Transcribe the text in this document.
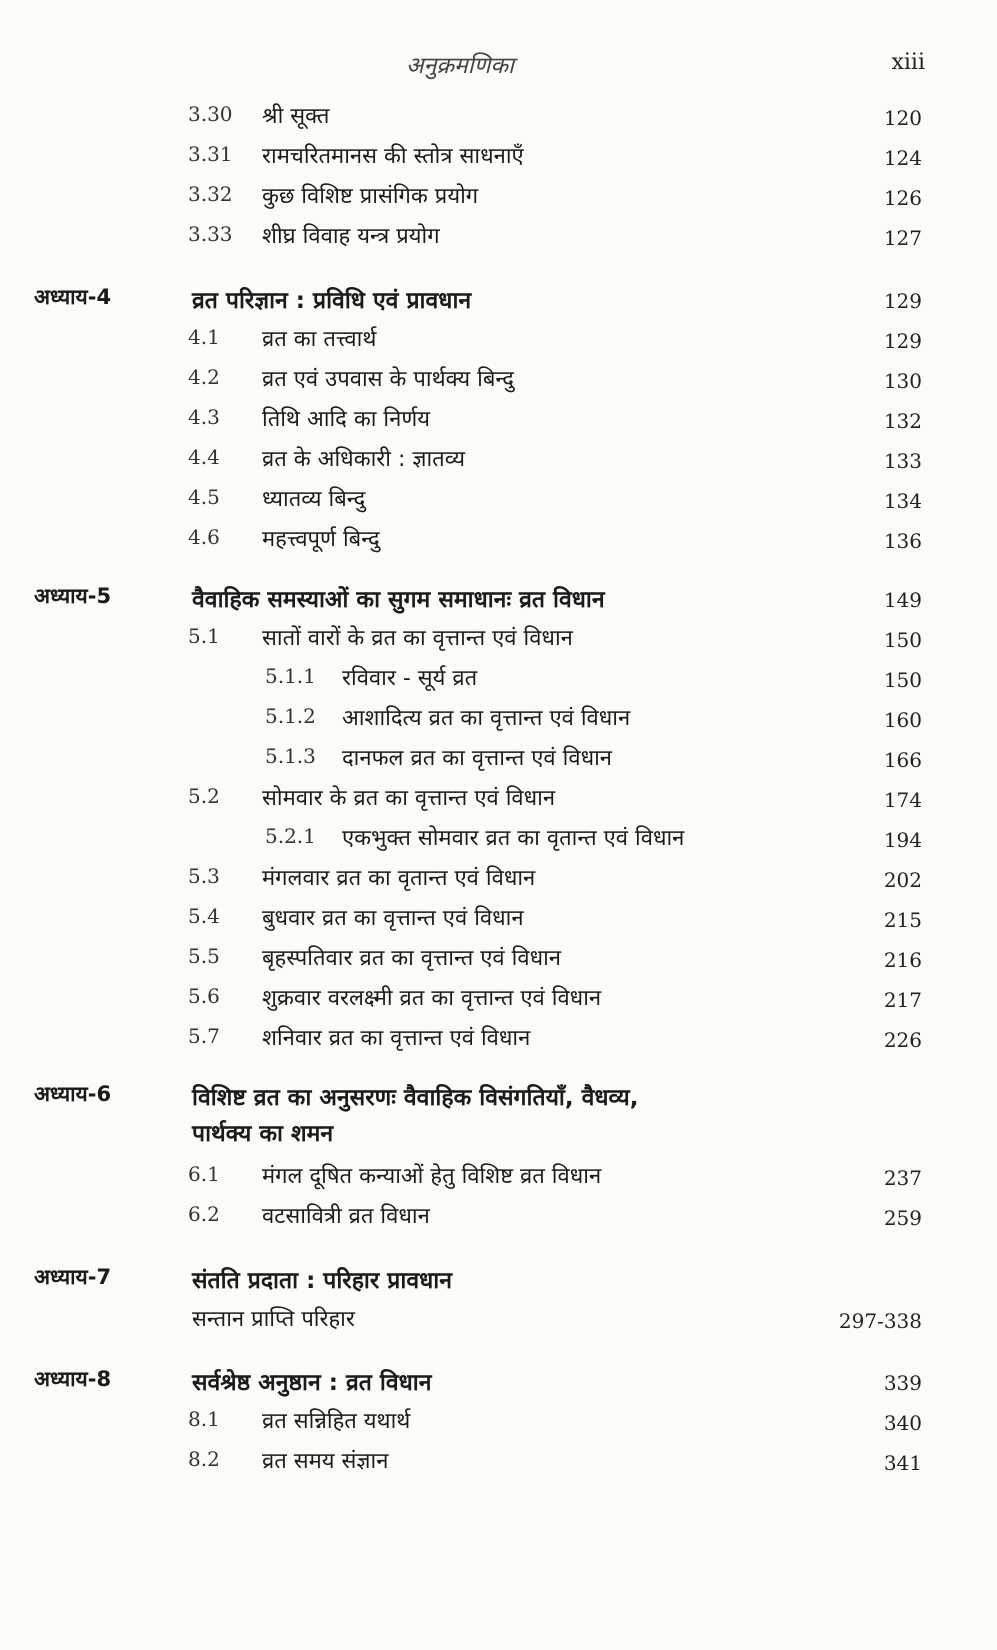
अनुक्रमणिका	xiii
3.30 श्री सूक्त	120
3.31 रामचरितमानस की स्तोत्र साधनाएँ	124
3.32 कुछ विशिष्ट प्रासंगिक प्रयोग	126
3.33 शीघ्र विवाह यन्त्र प्रयोग	127
अध्याय-4	व्रत परिज्ञान : प्रविधि एवं प्रावधान	129
4.1 व्रत का तत्त्वार्थ	129
4.2 व्रत एवं उपवास के पार्थक्य बिन्दु	130
4.3 तिथि आदि का निर्णय	132
4.4 व्रत के अधिकारी : ज्ञातव्य	133
4.5 ध्यातव्य बिन्दु	134
4.6 महत्त्वपूर्ण बिन्दु	136
अध्याय-5	वैवाहिक समस्याओं का सुगम समाधानः व्रत विधान	149
5.1 सातों वारों के व्रत का वृत्तान्त एवं विधान	150
5.1.1 रविवार - सूर्य व्रत	150
5.1.2 आशादित्य व्रत का वृत्तान्त एवं विधान	160
5.1.3 दानफल व्रत का वृत्तान्त एवं विधान	166
5.2 सोमवार के व्रत का वृत्तान्त एवं विधान	174
5.2.1 एकभुक्त सोमवार व्रत का वृतान्त एवं विधान	194
5.3 मंगलवार व्रत का वृतान्त एवं विधान	202
5.4 बुधवार व्रत का वृत्तान्त एवं विधान	215
5.5 बृहस्पतिवार व्रत का वृत्तान्त एवं विधान	216
5.6 शुक्रवार वरलक्ष्मी व्रत का वृत्तान्त एवं विधान	217
5.7 शनिवार व्रत का वृत्तान्त एवं विधान	226
अध्याय-6	विशिष्ट व्रत का अनुसरणः वैवाहिक विसंगतियाँ, वैधव्य,
पार्थक्य का शमन
6.1 मंगल दूषित कन्याओं हेतु विशिष्ट व्रत विधान	237
6.2 वटसावित्री व्रत विधान	259
अध्याय-7	संतति प्रदाता : परिहार प्रावधान
सन्तान प्राप्ति परिहार	297-338
अध्याय-8	सर्वश्रेष्ठ अनुष्ठान : व्रत विधान	339
8.1 व्रत सन्निहित यथार्थ	340
8.2 व्रत समय संज्ञान	341
